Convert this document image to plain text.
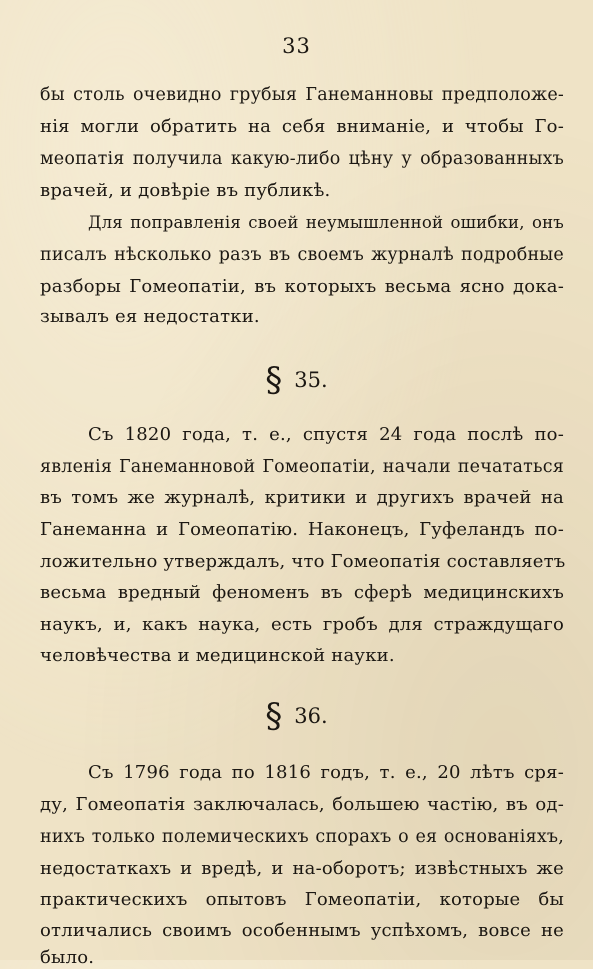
33
бы столь очевидно грубыя Ганеманновы предположе-
нія могли обратить на себя вниманіе, и чтобы Го-
меопатія получила какую-либо цѣну у образованныхъ
врачей, и довѣріе въ публикѣ.
Для поправленія своей неумышленной ошибки, онъ
писалъ нѣсколько разъ въ своемъ журналѣ подробные
разборы Гомеопатіи, въ которыхъ весьма ясно дока-
зывалъ ея недостатки.
§ 35.
Съ 1820 года, т. е., спустя 24 года послѣ по-
явленія Ганеманновой Гомеопатіи, начали печататься
въ томъ же журналѣ, критики и другихъ врачей на
Ганеманна и Гомеопатію. Наконецъ, Гуфеландъ по-
ложительно утверждалъ, что Гомеопатія составляетъ
весьма вредный феноменъ въ сферѣ медицинскихъ
наукъ, и, какъ наука, есть гробъ для страждущаго
человѣчества и медицинской науки.
§ 36.
Съ 1796 года по 1816 годъ, т. е., 20 лѣтъ сря-
ду, Гомеопатія заключалась, большею частію, въ од-
нихъ только полемическихъ спорахъ о ея основаніяхъ,
недостаткахъ и вредѣ, и на-оборотъ; извѣстныхъ же
практическихъ опытовъ Гомеопатіи, которые бы
отличались своимъ особеннымъ успѣхомъ, вовсе не
было.
